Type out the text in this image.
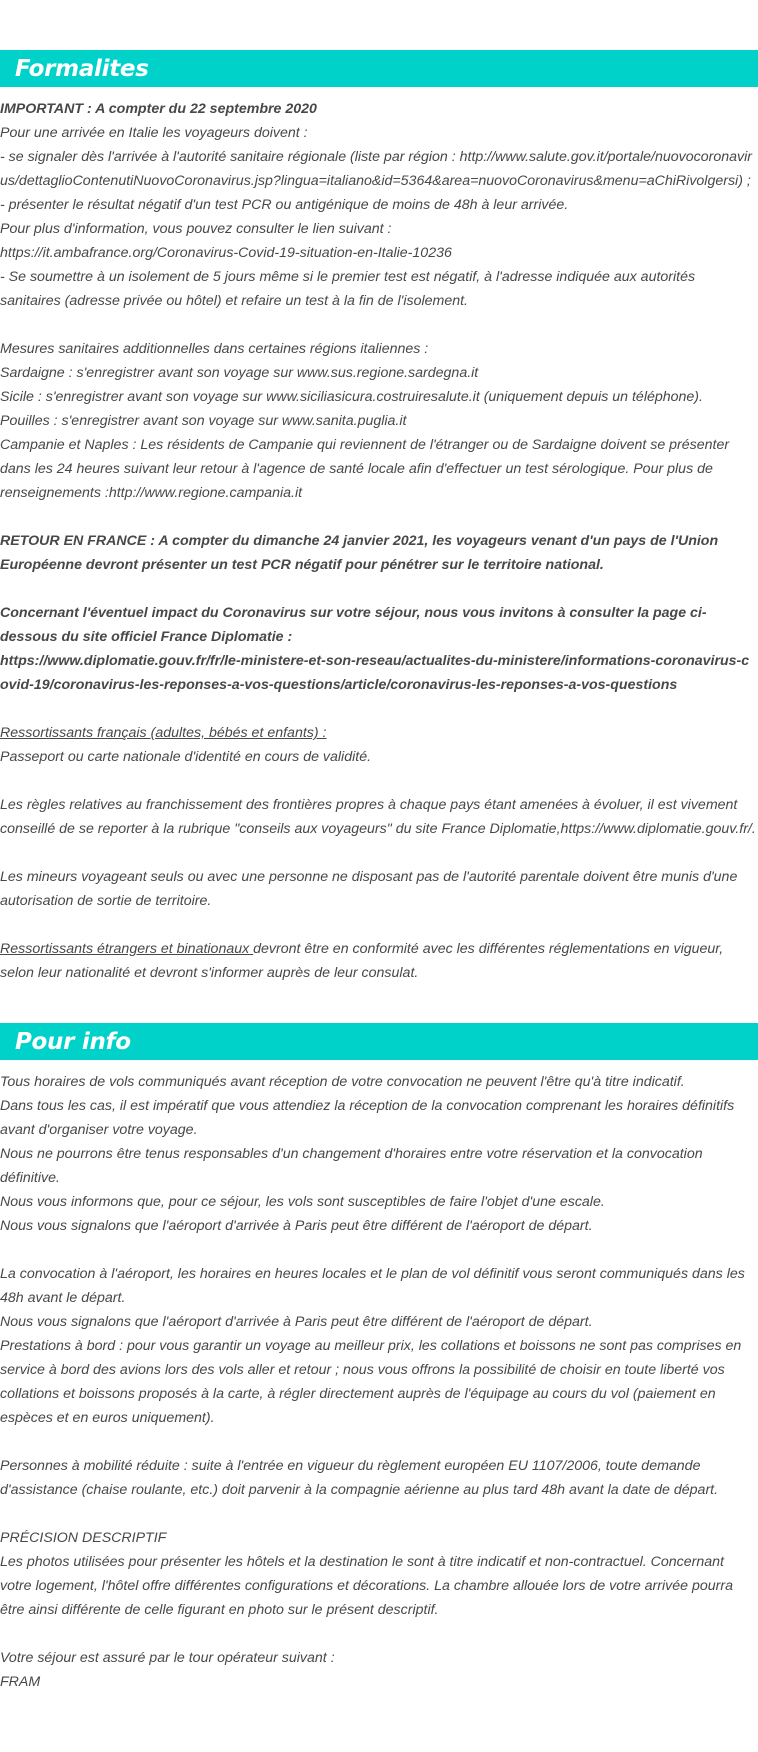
Formalites

IMPORTANT : A compter du 22 septembre 2020

Pour une arrivée en Italie les voyageurs doivent :

- se signaler dès l'arrivée à l'autorité sanitaire régionale (liste par région : http://www.salute.gov.it/portale/nuovocoronavirus/dettaglioContenutiNuovoCoronavirus.jsp?lingua=italiano&id=5364&area=nuovoCoronavirus&menu=aChiRivolgersi) ;

- présenter le résultat négatif d'un test PCR ou antigénique de moins de 48h à leur arrivée.

Pour plus d'information, vous pouvez consulter le lien suivant :

https://it.ambafrance.org/Coronavirus-Covid-19-situation-en-Italie-10236

- Se soumettre à un isolement de 5 jours même si le premier test est négatif, à l'adresse indiquée aux autorités sanitaires (adresse privée ou hôtel) et refaire un test à la fin de l'isolement.

Mesures sanitaires additionnelles dans certaines régions italiennes :

Sardaigne : s'enregistrer avant son voyage sur www.sus.regione.sardegna.it

Sicile : s'enregistrer avant son voyage sur www.siciliasicura.costruiresalute.it (uniquement depuis un téléphone).

Pouilles : s'enregistrer avant son voyage sur www.sanita.puglia.it

Campanie et Naples : Les résidents de Campanie qui reviennent de l'étranger ou de Sardaigne doivent se présenter dans les 24 heures suivant leur retour à l'agence de santé locale afin d'effectuer un test sérologique. Pour plus de renseignements :http://www.regione.campania.it

RETOUR EN FRANCE : A compter du dimanche 24 janvier 2021, les voyageurs venant d'un pays de l'Union Européenne devront présenter un test PCR négatif pour pénétrer sur le territoire national.

Concernant l'éventuel impact du Coronavirus sur votre séjour, nous vous invitons à consulter la page ci-dessous du site officiel France Diplomatie :

https://www.diplomatie.gouv.fr/fr/le-ministere-et-son-reseau/actualites-du-ministere/informations-coronavirus-covid-19/coronavirus-les-reponses-a-vos-questions/article/coronavirus-les-reponses-a-vos-questions

Ressortissants français (adultes, bébés et enfants) :

Passeport ou carte nationale d'identité en cours de validité.

Les règles relatives au franchissement des frontières propres à chaque pays étant amenées à évoluer, il est vivement conseillé de se reporter à la rubrique "conseils aux voyageurs" du site France Diplomatie,https://www.diplomatie.gouv.fr/.

Les mineurs voyageant seuls ou avec une personne ne disposant pas de l'autorité parentale doivent être munis d'une autorisation de sortie de territoire.

Ressortissants étrangers et binationaux devront être en conformité avec les différentes réglementations en vigueur, selon leur nationalité et devront s'informer auprès de leur consulat.

Pour info

Tous horaires de vols communiqués avant réception de votre convocation ne peuvent l'être qu'à titre indicatif.

Dans tous les cas, il est impératif que vous attendiez la réception de la convocation comprenant les horaires définitifs avant d'organiser votre voyage.

Nous ne pourrons être tenus responsables d'un changement d'horaires entre votre réservation et la convocation définitive.

Nous vous informons que, pour ce séjour, les vols sont susceptibles de faire l'objet d'une escale.

Nous vous signalons que l'aéroport d'arrivée à Paris peut être différent de l'aéroport de départ.

La convocation à l'aéroport, les horaires en heures locales et le plan de vol définitif vous seront communiqués dans les 48h avant le départ.

Nous vous signalons que l'aéroport d'arrivée à Paris peut être différent de l'aéroport de départ.

Prestations à bord : pour vous garantir un voyage au meilleur prix, les collations et boissons ne sont pas comprises en service à bord des avions lors des vols aller et retour ; nous vous offrons la possibilité de choisir en toute liberté vos collations et boissons proposés à la carte, à régler directement auprès de l'équipage au cours du vol (paiement en espèces et en euros uniquement).

Personnes à mobilité réduite : suite à l'entrée en vigueur du règlement européen EU 1107/2006, toute demande d'assistance (chaise roulante, etc.) doit parvenir à la compagnie aérienne au plus tard 48h avant la date de départ.

PRÉCISION DESCRIPTIF

Les photos utilisées pour présenter les hôtels et la destination le sont à titre indicatif et non-contractuel. Concernant votre logement, l'hôtel offre différentes configurations et décorations. La chambre allouée lors de votre arrivée pourra être ainsi différente de celle figurant en photo sur le présent descriptif.

Votre séjour est assuré par le tour opérateur suivant :

FRAM
